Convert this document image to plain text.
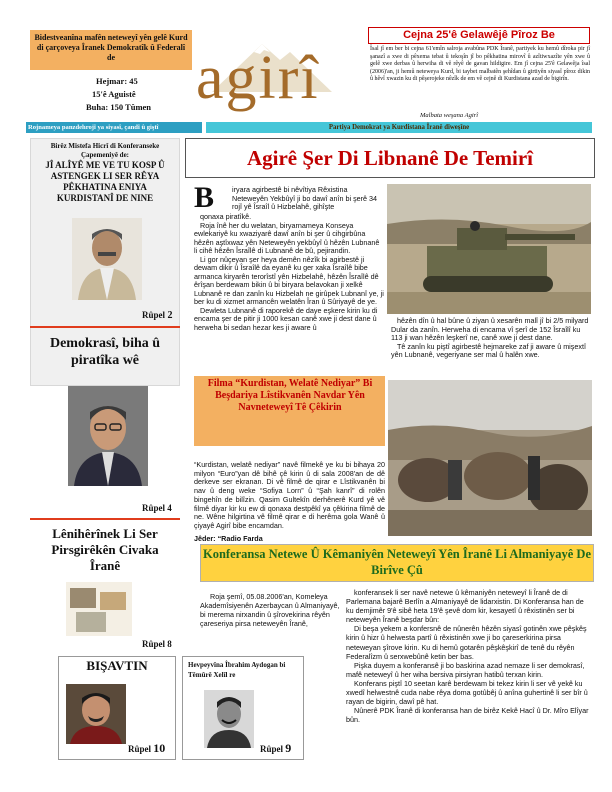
Bidestveanîna mafên neteweyî yên gelê Kurd di çarçoveya Îranek Demokratîk û Federalî de
Hejmar: 45
15'ê Aguistê
Buha: 150 Tûmen agirî
Cejna 25'ê Gelawêjê Pîroz Be
Îsal jî em ber bi cejna 61'emîn salroja avabûna PDK Îranê, partiyek ku hemû dîroka pir jî şanazî a xwe di pêxema tebat û tekoşîn jî bo pêkhatina mirovî û azîtiwxazîte yên xwe û gelê xwe derbas û herwiha di vê rêyê de gavan hildigire. Em jî cejna 25'ê Gelawêja îsal (2006)'an, ji hemû neteweya Kurd, bi taybet malbatên şehîdan û girtiyên siyasî pîroz dikin û hêvî xwazin ku di pêşerojeke nêzîk de em vê cejnê di Kurdistana azad de bigirîn.
Malbata weşana Agirî
Rojnameya panzdehrojî ya siyasî, çandî û giştî	Partiya Demokrat ya Kurdistana Îranê diweşîne
Birêz Mistefa Hicrî di Konferanseke Çapemeniyê de:
JÎ ALÎYÊ ME VE TU KOSP Û ASTENGEK LI SER RÊYA PÊKHATINA ENIYA KURDISTANÎ DE NINE
Rûpel 2
Demokrasî, biha û piratîka wê
Rûpel 4
Lênihêrînek Li Ser Pirsgirêkên Civaka Îranê
Rûpel 8
BIŞAVTIN
Rûpel 10
Hevpeyvîna Îbrahim Aydogan bi Têmûrê Xelîl re
Rûpel 9
Agirê Şer Di Libnanê De Temirî
B iryara agirbestê bi nêvîtiya Rêxistina Neteweyên Yekbûyî ji bo dawî anîn bi şerê 34 rojî yê Îsraîl û Hizbelahê, gihîşte

qonaxa piratîkê.

Roja înê her du welatan, biryarnameya Konseya ewlekariyê ku xwaziyarê dawî anîn bi şer û cihgirbûna hêzên aştîxwaz yên Neteweyên yekbûyî û hêzên Lubnanê li cihê hêzên Îsraîlê di Lubnanê de bû, pejirandin.

Li gor nûçeyan şer heya demên nêzîk bi agirbestê ji dewam dikir û Îsraîlê da eyanê ku ger xaka Îsraîlê bibe armanca kiryarên terorîstî yên Hizbelahê, hêzên Îsraîlê dê êrîşan berdewam bikin û bi biryara belavokan ji xelkê Lubnanê re dan zanîn ku Hizbelah ne girûpek Lubnanî ye, ji ber ku di xizmet armancên welatên Îran û Sûriyayê de ye.

Dewleta Lubnanê di raporekê de daye eşkere kirin ku di encama şer de pitir ji 1000 kesan canê xwe ji dest dane û herweha bi sedan hezar kes ji aware û

hêzên dîn û hal bûne û ziyan û xesarên malî jî bi 2/5 milyard Dular da zanîn. Herweha di encama vî şerî de 152 Îsraîlî ku 113 ji wan hêzên leşkerî ne, canê xwe ji dest dane.

Tê zanîn ku piştî agirbestê hejmareke zaf ji aware û mişextî yên Lubnanê, vegeriyane ser mal û halên xwe.

Filma “Kurdistan, Welatê Nediyar” Bi Beşdariya Lîstikvanên Navdar Yên Navneteweyî Tê Çêkirin
“Kurdistan, welatê nediyar” navê filmekê ye ku bi bihaya 20 milyon “Euro”yan dê bihê çê kirin û di sala 2008'an de dê derkeve ser ekranan. Di vê filmê de qirar e Lîstikvanên bi nav û deng weke “Sofiya Lorn” û “Şah kanrî” di rolên bingehîn de bilîzin. Qasim Gultekîn derhênerê Kurd yê vê filmê diyar kir ku ew di qonaxa destpêkî ya çêkirina filmê de ne. Wêne hilgirtina vê filmê qirar e di herêma gola Wanê û çiyayê Agirî bibe encamdan.
Jêder: “Radio Farda
Konferansa Netewe Û Kêmaniyên Neteweyî Yên Îranê Li Almaniyayê De Birîve Çû
Roja şemî, 05.08.2006'an, Komeleya Akademîsiyenên Azerbaycan û Almaniyayê, bi merema nirxandin û şîrovekirina rêyên çareseriya pirsa neteweyên Îranê,

konferansek li ser navê netewe û kêmaniyên neteweyî li Îranê de di Parlemana bajarê Berlîn a Almaniyayê de lidarxistin. Di Konferansa han de ku demjimêr 9'ê sibê heta 19'ê şevê dom kir, kesayetî û rêxistinên ser bi neteweyên Îranê beşdar bûn:

Di beşa yekem a konfersnê de nûnerên hêzên siyasî gotinên xwe pêşkêş kirin û hizr û helwesta partî û rêxistinên xwe ji bo çareserkirina pirsa neteweyan şîrove kirin. Ku di hemû gotarên pêşkêşkirî de tenê du rêyên Federalîzm û serxwebûnê ketin ber bas.

Pişka duyem a konferansê ji bo baskirina azad nemaze li ser demokrasî, mafê neteweyî û her wiha bersiva pirsiyran hatibû terxan kirin.

Konferans piştî 10 seetan karê berdewam bi tekez kirin li ser vê yekê ku xwedî helwestnê cuda nabe rêya doma gotûbêj û anîna guhertinê li ser bîr û rayan de bigirin, dawî pê hat.

Nûnerê PDK Îranê di konferansa han de birêz Kekê Hacî û Dr. Mîro Elîyar bûn.
